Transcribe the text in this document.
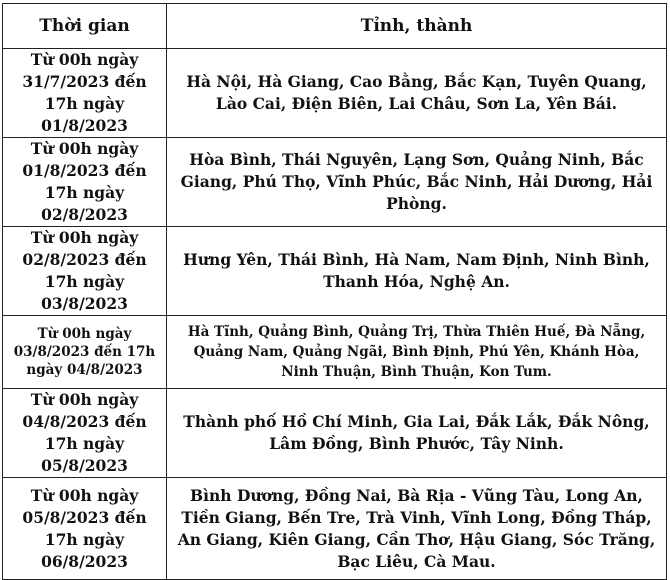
Thời gian	Tỉnh, thành
Từ 00h ngày 31/7/2023 đến 17h ngày 01/8/2023	Hà Nội, Hà Giang, Cao Bằng, Bắc Kạn, Tuyên Quang, Lào Cai, Điện Biên, Lai Châu, Sơn La, Yên Bái.
Từ 00h ngày 01/8/2023 đến 17h ngày 02/8/2023	Hòa Bình, Thái Nguyên, Lạng Sơn, Quảng Ninh, Bắc Giang, Phú Thọ, Vĩnh Phúc, Bắc Ninh, Hải Dương, Hải Phòng.
Từ 00h ngày 02/8/2023 đến 17h ngày 03/8/2023	Hưng Yên, Thái Bình, Hà Nam, Nam Định, Ninh Bình, Thanh Hóa, Nghệ An.
Từ 00h ngày 03/8/2023 đến 17h ngày 04/8/2023	Hà Tĩnh, Quảng Bình, Quảng Trị, Thừa Thiên Huế, Đà Nẵng, Quảng Nam, Quảng Ngãi, Bình Định, Phú Yên, Khánh Hòa, Ninh Thuận, Bình Thuận, Kon Tum.
Từ 00h ngày 04/8/2023 đến 17h ngày 05/8/2023	Thành phố Hồ Chí Minh, Gia Lai, Đắk Lắk, Đắk Nông, Lâm Đồng, Bình Phước, Tây Ninh.
Từ 00h ngày 05/8/2023 đến 17h ngày 06/8/2023	Bình Dương, Đồng Nai, Bà Rịa - Vũng Tàu, Long An, Tiền Giang, Bến Tre, Trà Vinh, Vĩnh Long, Đồng Tháp, An Giang, Kiên Giang, Cần Thơ, Hậu Giang, Sóc Trăng, Bạc Liêu, Cà Mau.
